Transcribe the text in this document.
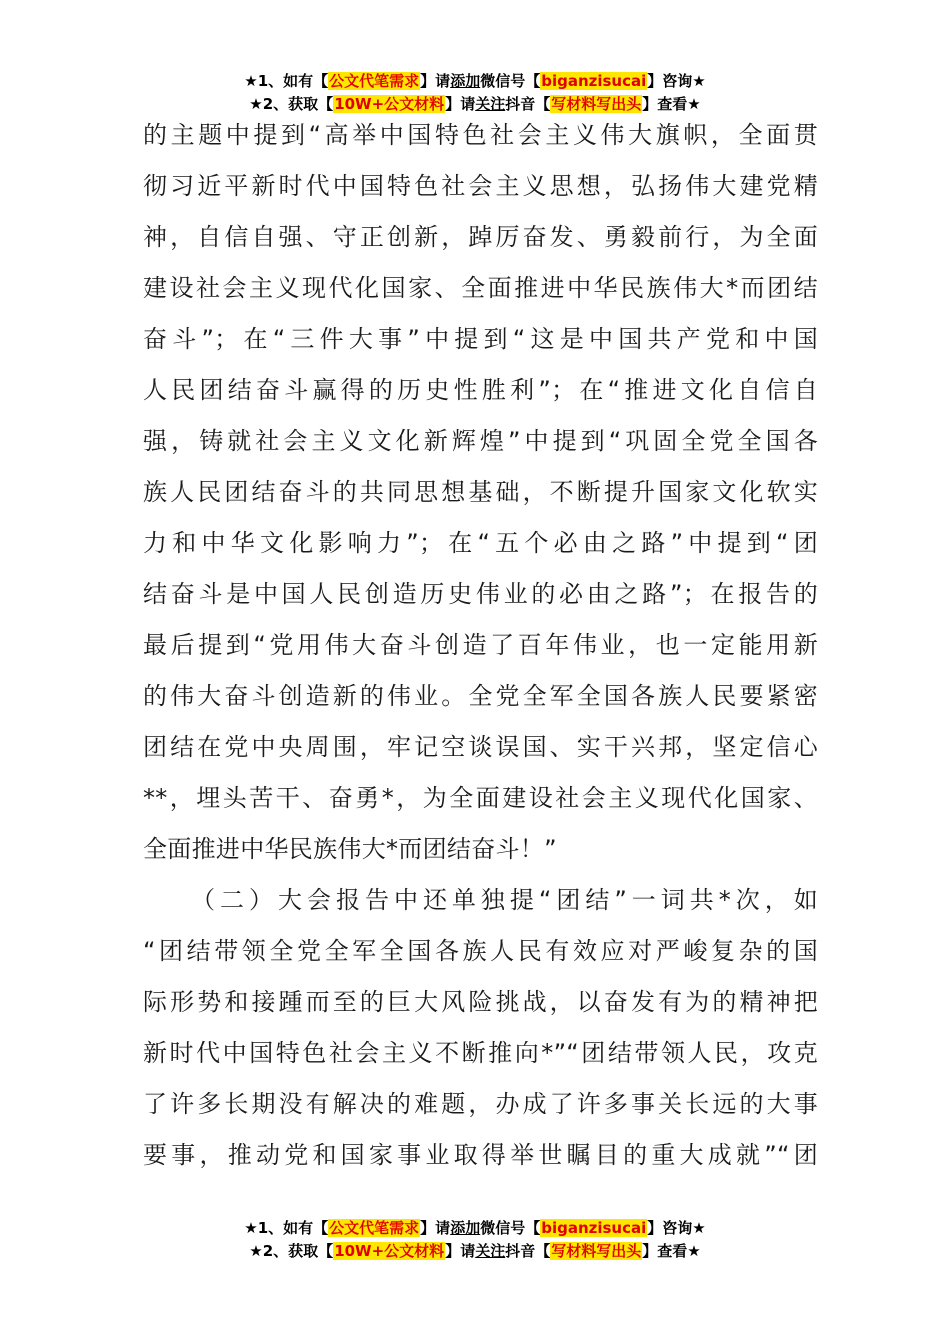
★1、如有【公文代笔需求】请添加微信号【biganzisucai】咨询★
★2、获取【10W+公文材料】请关注抖音【写材料写出头】查看★
的主题中提到“高举中国特色社会主义伟大旗帜，全面贯
彻习近平新时代中国特色社会主义思想，弘扬伟大建党精
神，自信自强、守正创新，踔厉奋发、勇毅前行，为全面
建设社会主义现代化国家、全面推进中华民族伟大*而团结
奋斗”；在“三件大事”中提到“这是中国共产党和中国
人民团结奋斗赢得的历史性胜利”；在“推进文化自信自
强，铸就社会主义文化新辉煌”中提到“巩固全党全国各
族人民团结奋斗的共同思想基础，不断提升国家文化软实
力和中华文化影响力”；在“五个必由之路”中提到“团
结奋斗是中国人民创造历史伟业的必由之路”；在报告的
最后提到“党用伟大奋斗创造了百年伟业，也一定能用新
的伟大奋斗创造新的伟业。全党全军全国各族人民要紧密
团结在党中央周围，牢记空谈误国、实干兴邦，坚定信心
**，埋头苦干、奋勇*，为全面建设社会主义现代化国家、
全面推进中华民族伟大*而团结奋斗！”
（二）大会报告中还单独提“团结”一词共*次，如
“团结带领全党全军全国各族人民有效应对严峻复杂的国
际形势和接踵而至的巨大风险挑战，以奋发有为的精神把
新时代中国特色社会主义不断推向*”“团结带领人民，攻克
了许多长期没有解决的难题，办成了许多事关长远的大事
要事，推动党和国家事业取得举世瞩目的重大成就”“团
★1、如有【公文代笔需求】请添加微信号【biganzisucai】咨询★
★2、获取【10W+公文材料】请关注抖音【写材料写出头】查看★
